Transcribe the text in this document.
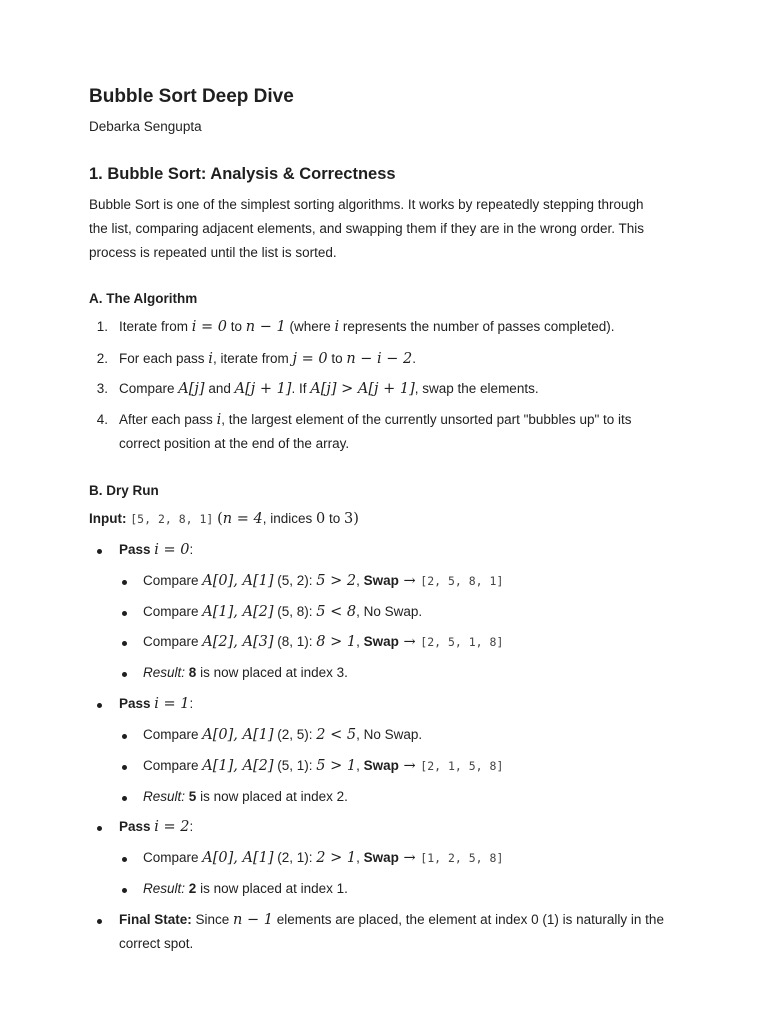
Bubble Sort Deep Dive
Debarka Sengupta
1. Bubble Sort: Analysis & Correctness
Bubble Sort is one of the simplest sorting algorithms. It works by repeatedly stepping through
the list, comparing adjacent elements, and swapping them if they are in the wrong order. This
process is repeated until the list is sorted.
A. The Algorithm
1. Iterate from i = 0 to n − 1 (where i represents the number of passes completed).
2. For each pass i, iterate from j = 0 to n − i − 2.
3. Compare A[j] and A[j + 1]. If A[j] > A[j + 1], swap the elements.
4. After each pass i, the largest element of the currently unsorted part "bubbles up" to its
correct position at the end of the array.
B. Dry Run
Input: [5, 2, 8, 1] (n = 4, indices 0 to 3)
Pass i = 0:
Compare A[0], A[1] (5, 2): 5 > 2, Swap → [2, 5, 8, 1]
Compare A[1], A[2] (5, 8): 5 < 8, No Swap.
Compare A[2], A[3] (8, 1): 8 > 1, Swap → [2, 5, 1, 8]
Result: 8 is now placed at index 3.
Pass i = 1:
Compare A[0], A[1] (2, 5): 2 < 5, No Swap.
Compare A[1], A[2] (5, 1): 5 > 1, Swap → [2, 1, 5, 8]
Result: 5 is now placed at index 2.
Pass i = 2:
Compare A[0], A[1] (2, 1): 2 > 1, Swap → [1, 2, 5, 8]
Result: 2 is now placed at index 1.
Final State: Since n − 1 elements are placed, the element at index 0 (1) is naturally in the
correct spot.
